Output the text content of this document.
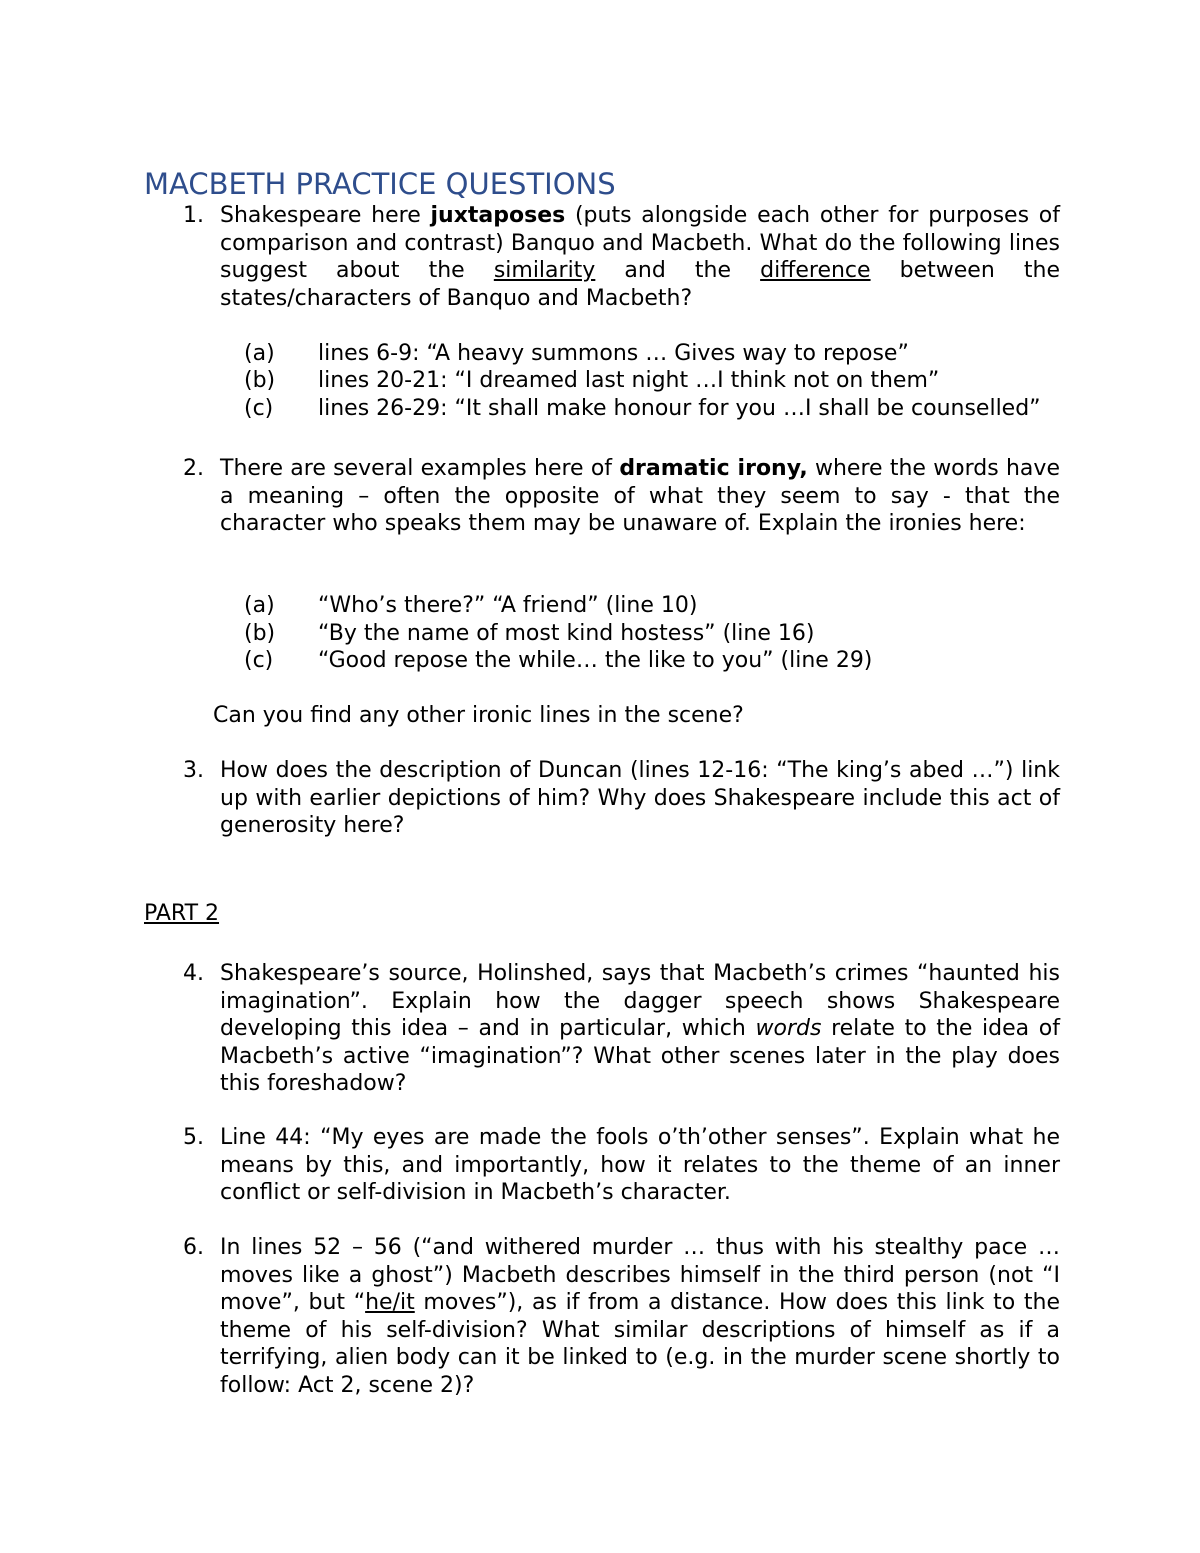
MACBETH PRACTICE QUESTIONS
1. Shakespeare here juxtaposes (puts alongside each other for purposes of comparison and contrast) Banquo and Macbeth. What do the following lines suggest about the similarity and the difference between the states/characters of Banquo and Macbeth?
(a) lines 6-9: “A heavy summons … Gives way to repose”
(b) lines 20-21: “I dreamed last night …I think not on them”
(c) lines 26-29: “It shall make honour for you …I shall be counselled”
2. There are several examples here of dramatic irony, where the words have a meaning – often the opposite of what they seem to say - that the character who speaks them may be unaware of. Explain the ironies here:
(a) “Who’s there?” “A friend” (line 10)
(b) “By the name of most kind hostess” (line 16)
(c) “Good repose the while… the like to you” (line 29)
Can you find any other ironic lines in the scene?
3. How does the description of Duncan (lines 12-16: “The king’s abed …”) link up with earlier depictions of him? Why does Shakespeare include this act of generosity here?
PART 2
4. Shakespeare’s source, Holinshed, says that Macbeth’s crimes “haunted his imagination”. Explain how the dagger speech shows Shakespeare developing this idea – and in particular, which words relate to the idea of Macbeth’s active “imagination”? What other scenes later in the play does this foreshadow?
5. Line 44: “My eyes are made the fools o’th’other senses”. Explain what he means by this, and importantly, how it relates to the theme of an inner conflict or self-division in Macbeth’s character.
6. In lines 52 – 56 (“and withered murder … thus with his stealthy pace … moves like a ghost”) Macbeth describes himself in the third person (not “I move”, but “he/it moves”), as if from a distance. How does this link to the theme of his self-division? What similar descriptions of himself as if a terrifying, alien body can it be linked to (e.g. in the murder scene shortly to follow: Act 2, scene 2)?
